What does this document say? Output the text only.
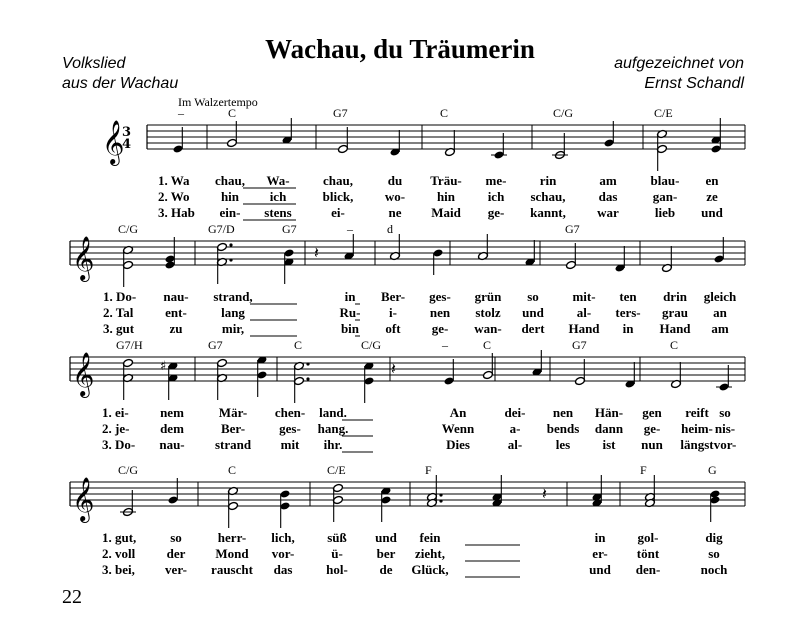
Wachau, du Träumerin
Volkslied
aus der Wachau
aufgezeichnet von
Ernst Schandl
Im Walzertempo
22
𝄞
3
4
–	C	G7	C	C/G	C/E
1. Wa chau, Wa-	chau,	du Träu- me-	rin	am	blau- en
2. Wo hin ich	blick, wo- hin	ich schau,	das	gan- ze
3. Hab ein- stens	ei-	ne Maid ge- kannt, war	lieb und
𝄞
C/G	G7/D	G7	–	d	G7
𝄽
1. Do- nau- strand,	in Ber- ges- grün so	mit- ten drin gleich
2. Tal ent-	lang	Ru- i-	nen stolz und	al- ters- grau an
3. gut	zu	mir,	bin oft ge- wan- dert Hand in Hand am
𝄞
G7/H	G7	C	C/G	–	C	G7	C
♯	𝄽
1. ei- nem	Mär- chen- land.	An	dei- nen Hän- gen reift so
2. je- dem	Ber-	ges- hang.	Wenn	a- bends dann ge- heim- nis-
3. Do- nau- strand mit ihr.	Dies	al-	les ist nun längst vor-
𝄞
C/G	C	C/E	F	F	G
𝄽
1. gut,	so	herr- lich, süß und fein	in gol-	dig
2. voll der Mond vor-	ü-	ber zieht,	er- tönt	so
3. bei, ver- rauscht das	hol- de Glück,	und den-	noch
